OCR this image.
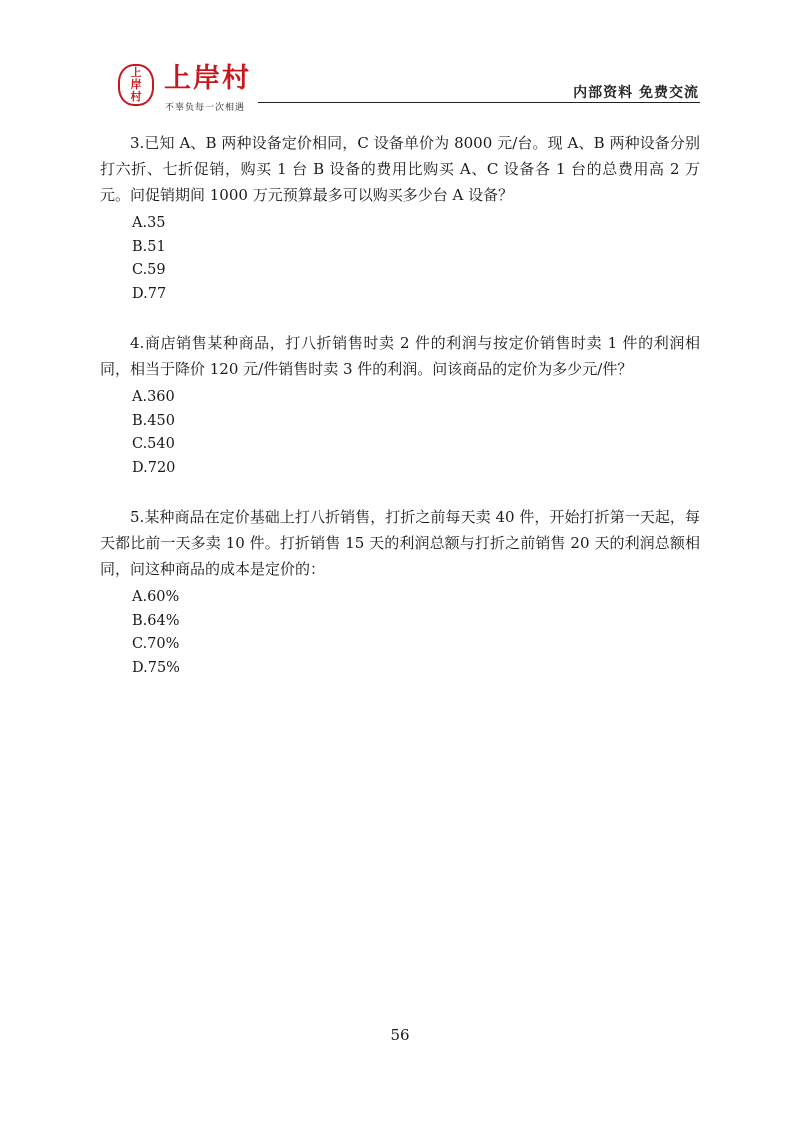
上
岸
村
上岸村
不辜负每一次相遇
内部资料 免费交流

3.已知 A、B 两种设备定价相同，C 设备单价为 8000 元/台。现 A、B 两种设备分别打六折、七折促销，购买 1 台 B 设备的费用比购买 A、C 设备各 1 台的总费用高 2 万元。问促销期间 1000 万元预算最多可以购买多少台 A 设备？

A.35
B.51
C.59
D.77

4.商店销售某种商品，打八折销售时卖 2 件的利润与按定价销售时卖 1 件的利润相同，相当于降价 120 元/件销售时卖 3 件的利润。问该商品的定价为多少元/件？

A.360
B.450
C.540
D.720

5.某种商品在定价基础上打八折销售，打折之前每天卖 40 件，开始打折第一天起，每天都比前一天多卖 10 件。打折销售 15 天的利润总额与打折之前销售 20 天的利润总额相同，问这种商品的成本是定价的：

A.60%
B.64%
C.70%
D.75%
56
